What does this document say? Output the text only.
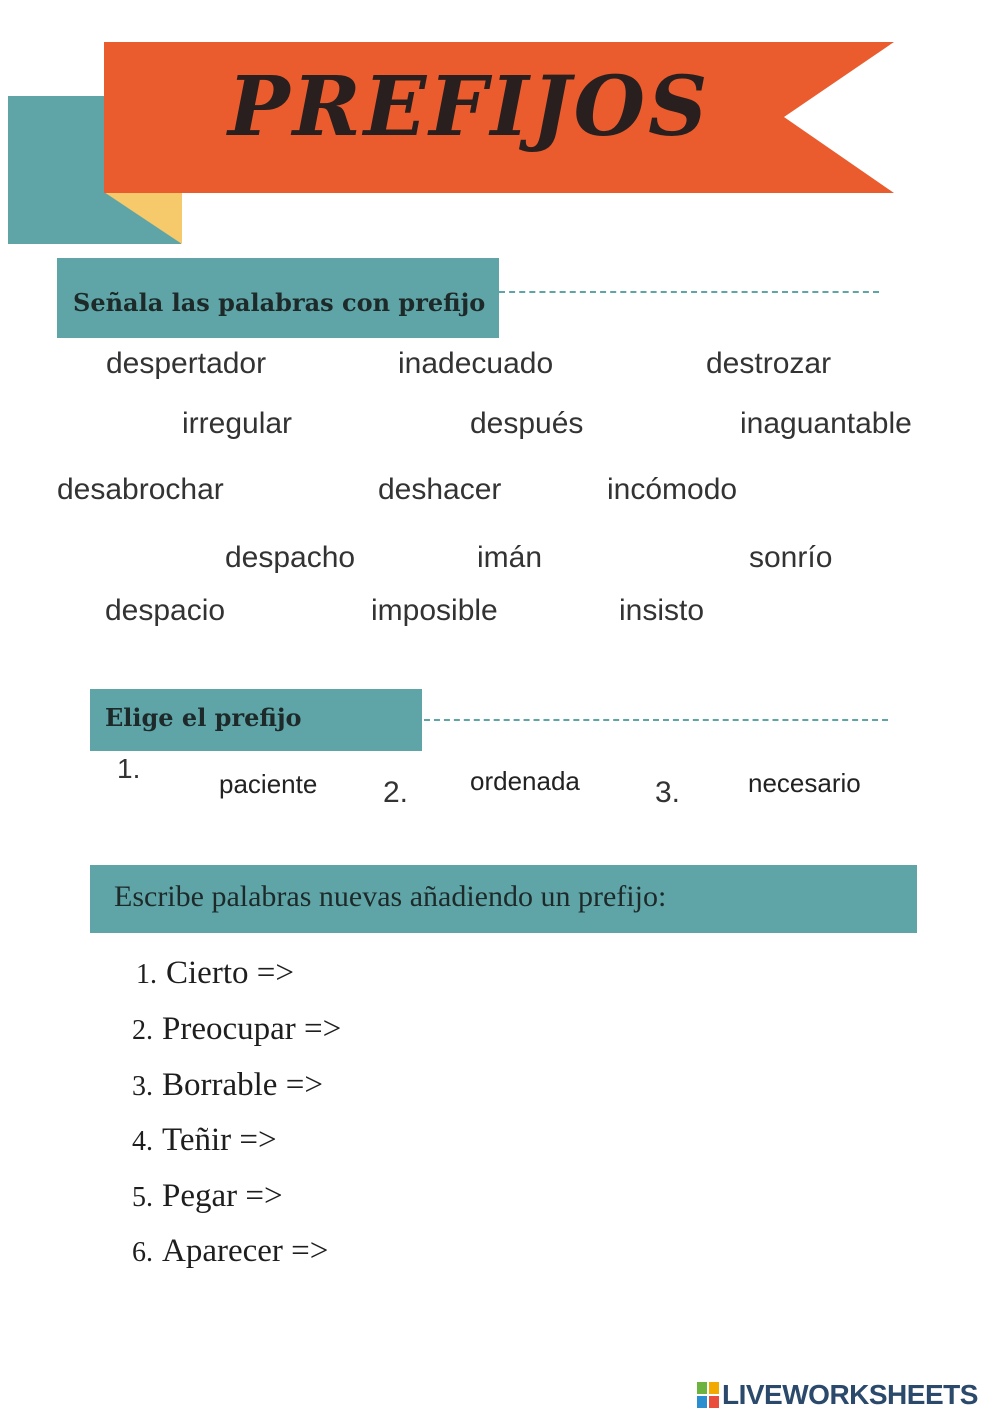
PREFIJOS
Señala las palabras con prefijo
despertador	inadecuado	destrozar
irregular	después	inaguantable
desabrochar	deshacer	incómodo
despacho	imán	sonrío
despacio	imposible	insisto
Elige el prefijo
1.	paciente 2. ordenada	3.	necesario
Escribe palabras nuevas añadiendo un prefijo:
1. Cierto =>
2. Preocupar =>
3. Borrable =>
4. Teñir =>
5. Pegar =>
6. Aparecer =>
LIVEWORKSHEETS
